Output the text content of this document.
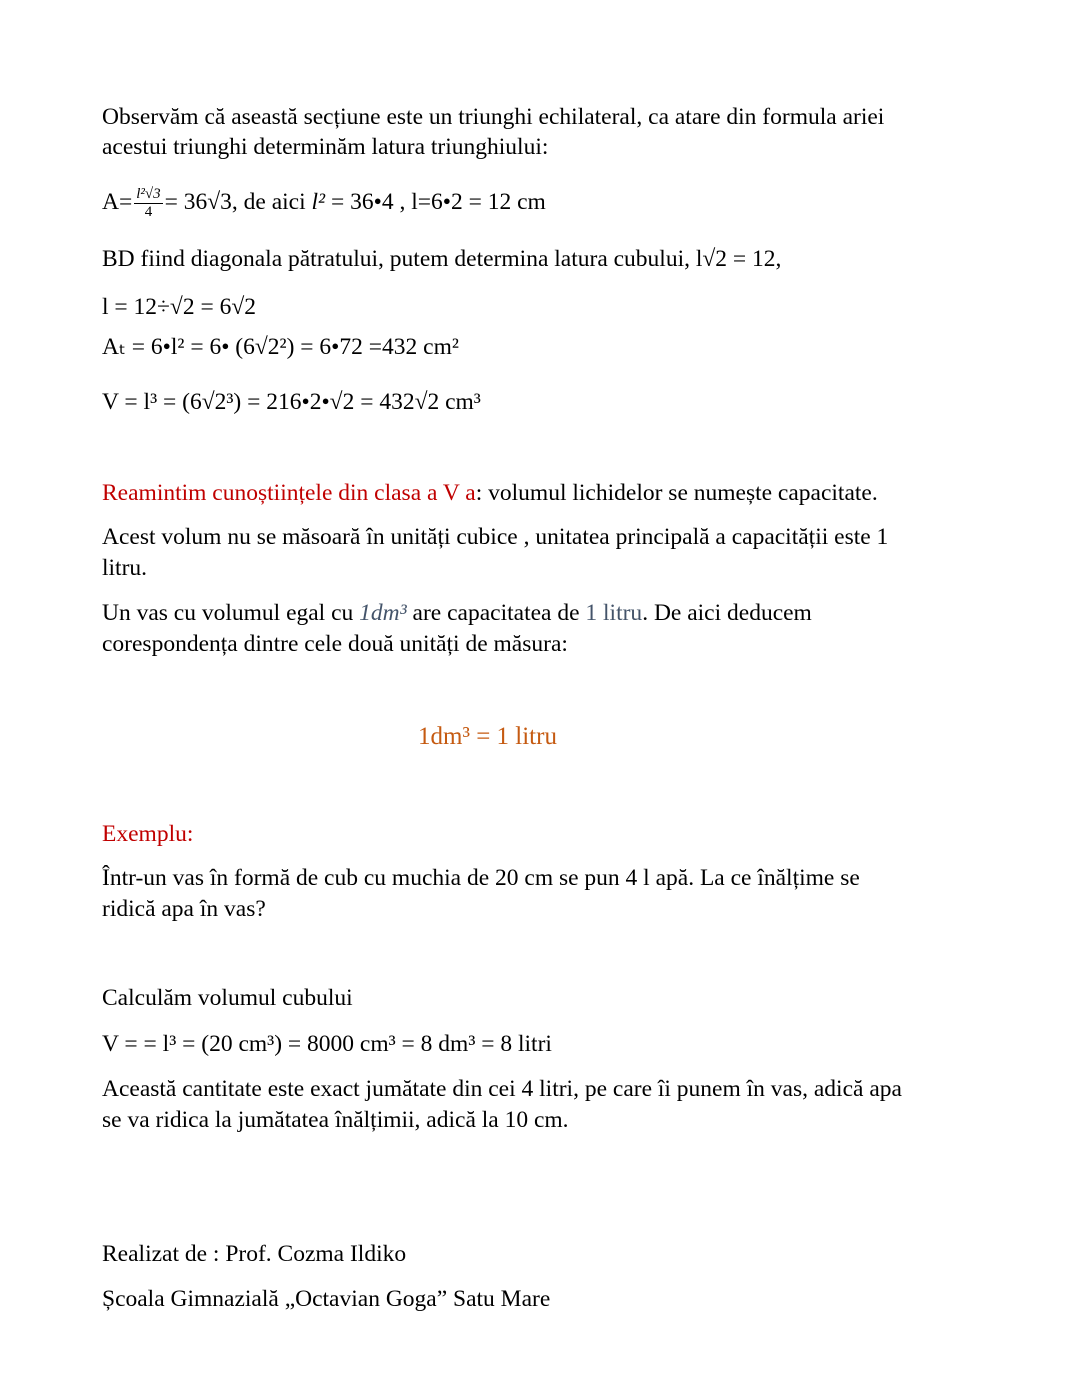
Observăm că aseastă secțiune este un triunghi echilateral, ca atare din formula ariei
acestui triunghi determinăm latura triunghiului:
$A= \frac{\text{l²√3}}{4} = 36√3$, de aici l² = 36•4 , l=6•2 = 12 cm
BD fiind diagonala pătratului, putem determina latura cubului, l√2 = 12,
l = 12÷√2 = 6√2
Aₜ = 6•l² = 6• (6√2²) = 6•72 =432 cm²
V = l³ = (6√2³) = 216•2•√2 = 432√2 cm³
Reamintim cunoștiințele din clasa a V a: volumul lichidelor se numește capacitate.
Acest volum nu se măsoară în unități cubice , unitatea principală a capacității este 1
litru.
Un vas cu volumul egal cu 1dm³ are capacitatea de 1 litru. De aici deducem
corespondența dintre cele două unități de măsura:
1dm³ = 1 litru
Exemplu:
Într-un vas în formă de cub cu muchia de 20 cm se pun 4 l apă. La ce înălțime se
ridică apa în vas?
Calculăm volumul cubului
V = = l³ = (20 cm³) = 8000 cm³ = 8 dm³ = 8 litri
Această cantitate este exact jumătate din cei 4 litri, pe care îi punem în vas, adică apa
se va ridica la jumătatea înălțimii, adică la 10 cm.
Realizat de : Prof. Cozma Ildiko
Școala Gimnazială „Octavian Goga” Satu Mare
